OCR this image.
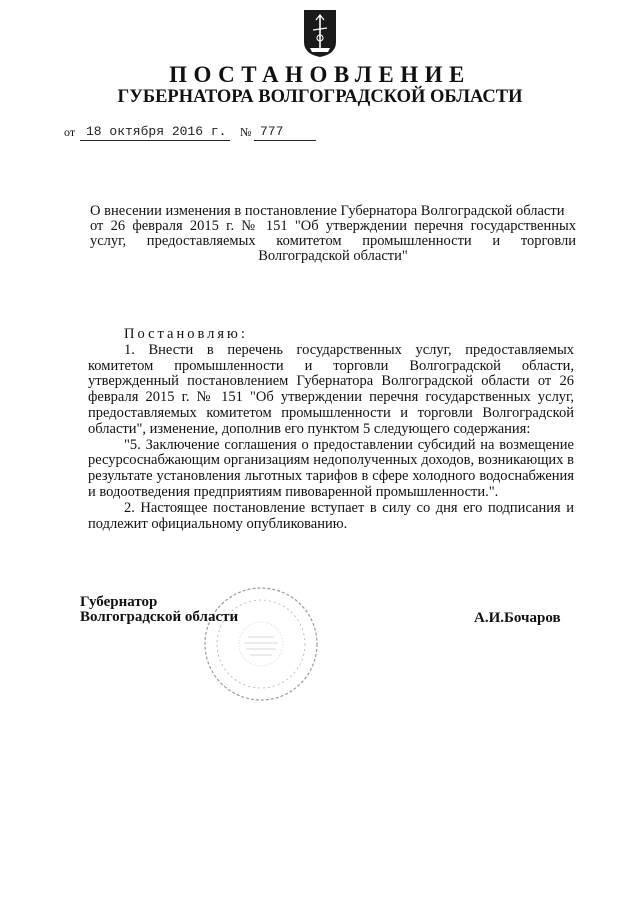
ПОСТАНОВЛЕНИЕ
ГУБЕРНАТОРА ВОЛГОГРАДСКОЙ ОБЛАСТИ
от 18 октября 2016 г. № 777
О внесении изменения в постановление Губернатора Волгоградской области
от 26 февраля 2015 г. № 151 "Об утверждении перечня государственных
услуг, предоставляемых комитетом промышленности и торговли
Волгоградской области"

Постановляю:

1. Внести в перечень государственных услуг, предоставляемых комитетом промышленности и торговли Волгоградской области, утвержденный постановлением Губернатора Волгоградской области от 26 февраля 2015 г. № 151 "Об утверждении перечня государственных услуг, предоставляемых комитетом промышленности и торговли Волгоградской области", изменение, дополнив его пунктом 5 следующего содержания:

"5. Заключение соглашения о предоставлении субсидий на возмещение ресурсоснабжающим организациям недополученных доходов, возникающих в результате установления льготных тарифов в сфере холодного водоснабжения и водоотведения предприятиям пивоваренной промышленности.".

2. Настоящее постановление вступает в силу со дня его подписания и подлежит официальному опубликованию.

Губернатор
Волгоградской области	А.И.Бочаров
